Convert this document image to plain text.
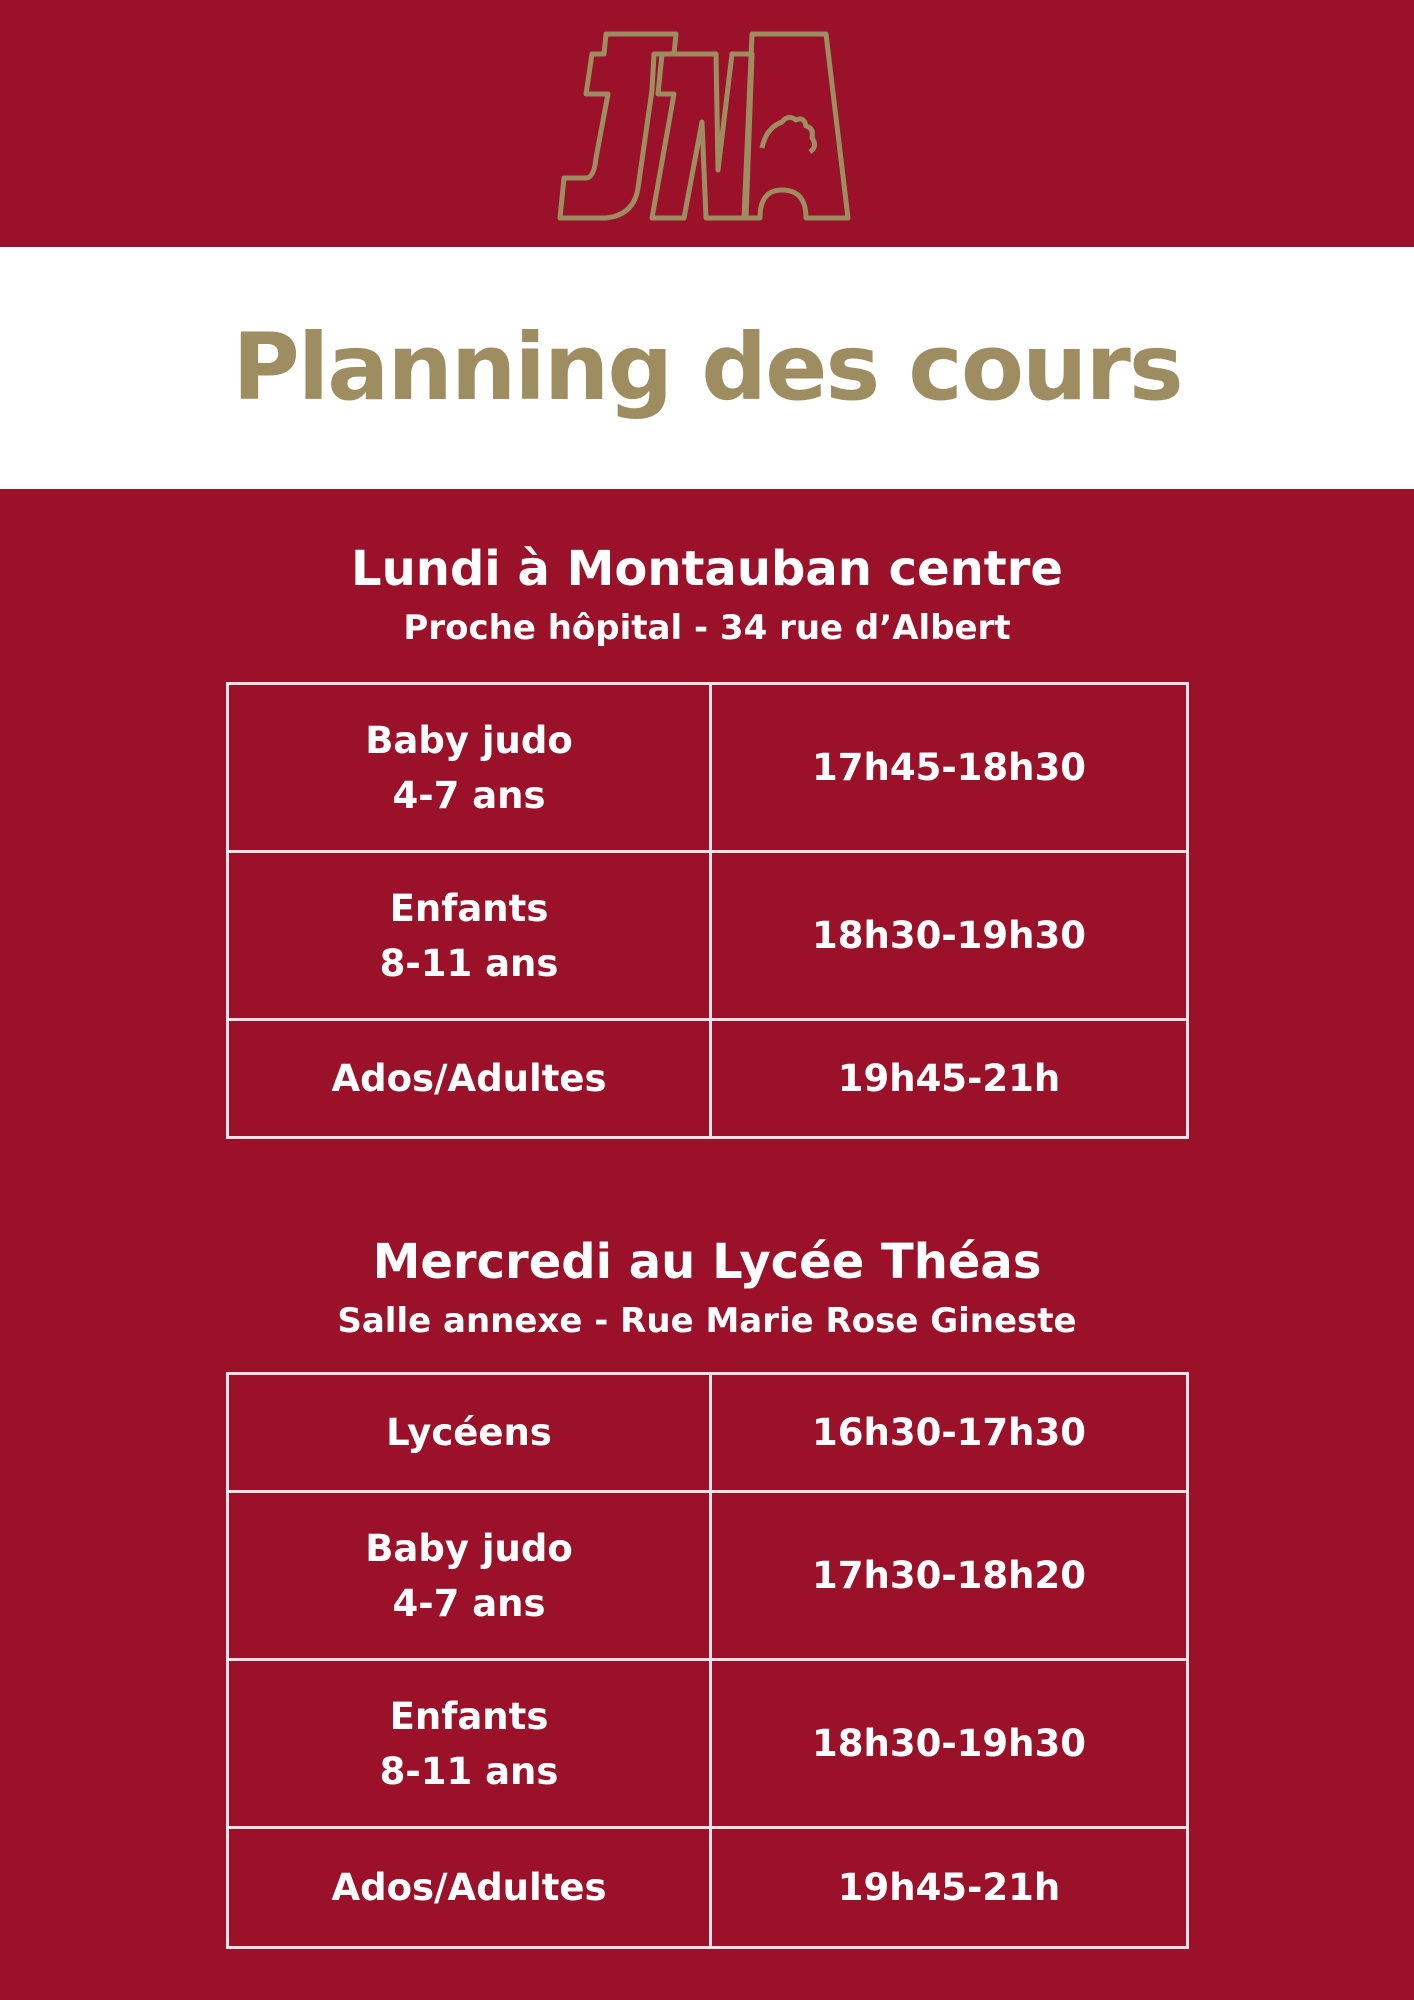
Planning des cours

Lundi à Montauban centre

Proche hôpital - 34 rue d’Albert

Baby judo
4-7 ans	17h45-18h30

Enfants
8-11 ans	18h30-19h30

Ados/Adultes	19h45-21h

Mercredi au Lycée Théas

Salle annexe - Rue Marie Rose Gineste

Lycéens	16h30-17h30

Baby judo
4-7 ans	17h30-18h20

Enfants
8-11 ans	18h30-19h30

Ados/Adultes	19h45-21h
